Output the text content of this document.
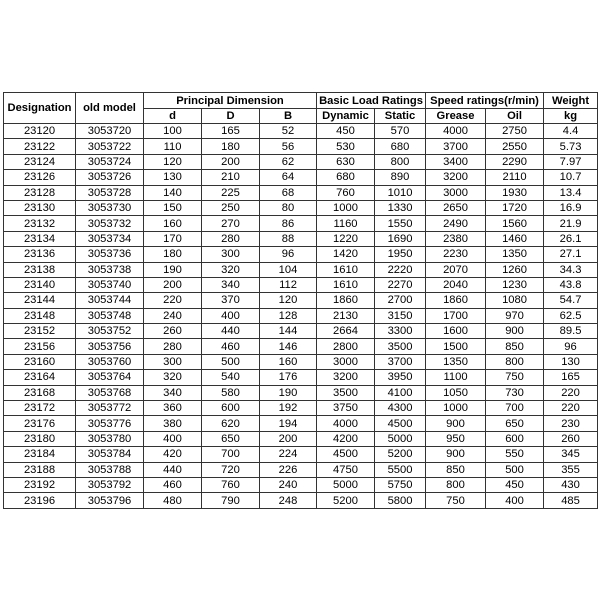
Designation	old model	Principal Dimension			Basic Load Ratings		Speed ratings(r/min)		Weight
		d	D	B	Dynamic	Static	Grease	Oil	kg
23120	3053720	100	165	52	450	570	4000	2750	4.4
23122	3053722	110	180	56	530	680	3700	2550	5.73
23124	3053724	120	200	62	630	800	3400	2290	7.97
23126	3053726	130	210	64	680	890	3200	2110	10.7
23128	3053728	140	225	68	760	1010	3000	1930	13.4
23130	3053730	150	250	80	1000	1330	2650	1720	16.9
23132	3053732	160	270	86	1160	1550	2490	1560	21.9
23134	3053734	170	280	88	1220	1690	2380	1460	26.1
23136	3053736	180	300	96	1420	1950	2230	1350	27.1
23138	3053738	190	320	104	1610	2220	2070	1260	34.3
23140	3053740	200	340	112	1610	2270	2040	1230	43.8
23144	3053744	220	370	120	1860	2700	1860	1080	54.7
23148	3053748	240	400	128	2130	3150	1700	970	62.5
23152	3053752	260	440	144	2664	3300	1600	900	89.5
23156	3053756	280	460	146	2800	3500	1500	850	96
23160	3053760	300	500	160	3000	3700	1350	800	130
23164	3053764	320	540	176	3200	3950	1100	750	165
23168	3053768	340	580	190	3500	4100	1050	730	220
23172	3053772	360	600	192	3750	4300	1000	700	220
23176	3053776	380	620	194	4000	4500	900	650	230
23180	3053780	400	650	200	4200	5000	950	600	260
23184	3053784	420	700	224	4500	5200	900	550	345
23188	3053788	440	720	226	4750	5500	850	500	355
23192	3053792	460	760	240	5000	5750	800	450	430
23196	3053796	480	790	248	5200	5800	750	400	485
